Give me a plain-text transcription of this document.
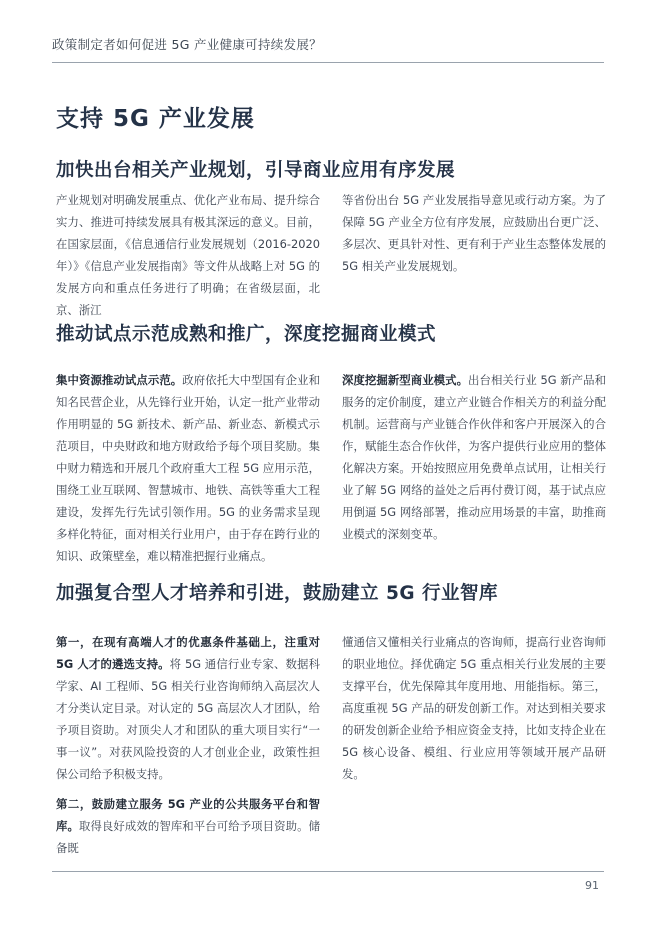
政策制定者如何促进 5G 产业健康可持续发展？
支持 5G 产业发展
加快出台相关产业规划，引导商业应用有序发展

产业规划对明确发展重点、优化产业布局、提升综合实力、推进可持续发展具有极其深远的意义。目前，在国家层面，《信息通信行业发展规划（2016-2020年）》《信息产业发展指南》等文件从战略上对 5G 的发展方向和重点任务进行了明确；在省级层面，北京、浙江

等省份出台 5G 产业发展指导意见或行动方案。为了保障 5G 产业全方位有序发展，应鼓励出台更广泛、多层次、更具针对性、更有利于产业生态整体发展的 5G 相关产业发展规划。

推动试点示范成熟和推广，深度挖掘商业模式

集中资源推动试点示范。政府依托大中型国有企业和知名民营企业，从先锋行业开始，认定一批产业带动作用明显的 5G 新技术、新产品、新业态、新模式示范项目，中央财政和地方财政给予每个项目奖励。集中财力精选和开展几个政府重大工程 5G 应用示范，围绕工业互联网、智慧城市、地铁、高铁等重大工程建设，发挥先行先试引领作用。5G 的业务需求呈现多样化特征，面对相关行业用户，由于存在跨行业的知识、政策壁垒，难以精准把握行业痛点。

深度挖掘新型商业模式。出台相关行业 5G 新产品和服务的定价制度，建立产业链合作相关方的利益分配机制。运营商与产业链合作伙伴和客户开展深入的合作，赋能生态合作伙伴，为客户提供行业应用的整体化解决方案。开始按照应用免费单点试用，让相关行业了解 5G 网络的益处之后再付费订阅，基于试点应用倒逼 5G 网络部署，推动应用场景的丰富，助推商业模式的深刻变革。

加强复合型人才培养和引进，鼓励建立 5G 行业智库

第一，在现有高端人才的优惠条件基础上，注重对 5G 人才的遴选支持。将 5G 通信行业专家、数据科学家、AI 工程师、5G 相关行业咨询师纳入高层次人才分类认定目录。对认定的 5G 高层次人才团队，给予项目资助。对顶尖人才和团队的重大项目实行“一事一议”。对获风险投资的人才创业企业，政策性担保公司给予积极支持。

第二，鼓励建立服务 5G 产业的公共服务平台和智库。取得良好成效的智库和平台可给予项目资助。储备既

懂通信又懂相关行业痛点的咨询师，提高行业咨询师的职业地位。择优确定 5G 重点相关行业发展的主要支撑平台，优先保障其年度用地、用能指标。第三，高度重视 5G 产品的研发创新工作。对达到相关要求的研发创新企业给予相应资金支持，比如支持企业在 5G 核心设备、模组、行业应用等领域开展产品研发。

91
